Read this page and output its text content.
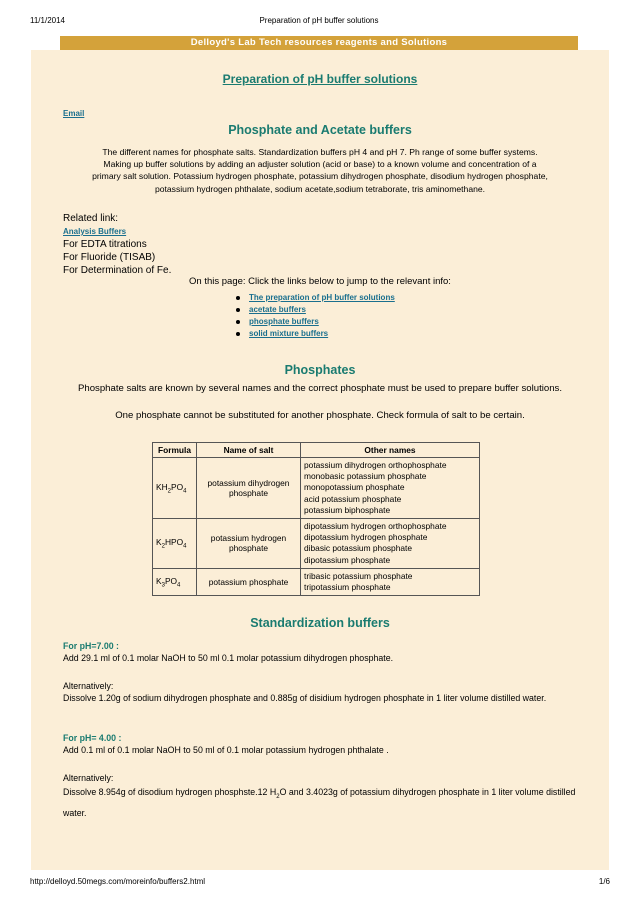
11/1/2014	Preparation of pH buffer solutions
Delloyd's Lab Tech resources reagents and Solutions
Preparation of pH buffer solutions
Email
Phosphate and Acetate buffers
The different names for phosphate salts. Standardization buffers pH 4 and pH 7. Ph range of some buffer systems. Making up buffer solutions by adding an adjuster solution (acid or base) to a known volume and concentration of a primary salt solution. Potassium hydrogen phosphate, potassium dihydrogen phosphate, disodium hydrogen phosphate, potassium hydrogen phthalate, sodium acetate,sodium tetraborate, tris aminomethane.
Related link:
Analysis Buffers
For EDTA titrations
For Fluoride (TISAB)
For Determination of Fe.
On this page: Click the links below to jump to the relevant info:
The preparation of pH buffer solutions
acetate buffers
phosphate buffers
solid mixture buffers
Phosphates
Phosphate salts are known by several names and the correct phosphate must be used to prepare buffer solutions.
One phosphate cannot be substituted for another phosphate. Check formula of salt to be certain.
Formula	Name of salt	Other names
$KH_2PO_4$	potassium dihydrogen phosphate	potassium dihydrogen orthophosphate
monobasic potassium phosphate
monopotassium phosphate
acid potassium phosphate
potassium biphosphate

$K_2HPO_4$	potassium hydrogen phosphate	dipotassium hydrogen orthophosphate
dipotassium hydrogen phosphate
dibasic potassium phosphate
dipotassium phosphate

$K_3PO_4$	potassium phosphate	tribasic potassium phosphate
tripotassium phosphate
Standardization buffers
For pH=7.00 :
Add 29.1 ml of 0.1 molar NaOH to 50 ml 0.1 molar potassium dihydrogen phosphate.
Alternatively:
Dissolve 1.20g of sodium dihydrogen phosphate and 0.885g of disidium hydrogen phosphate in 1 liter volume distilled water.
For pH= 4.00 :
Add 0.1 ml of 0.1 molar NaOH to 50 ml of 0.1 molar potassium hydrogen phthalate .
Alternatively:
Dissolve 8.954g of disodium hydrogen phosphste.12 $H_2O$ and 3.4023g of potassium dihydrogen phosphate in 1 liter volume distilled water.
http://delloyd.50megs.com/moreinfo/buffers2.html	1/6
